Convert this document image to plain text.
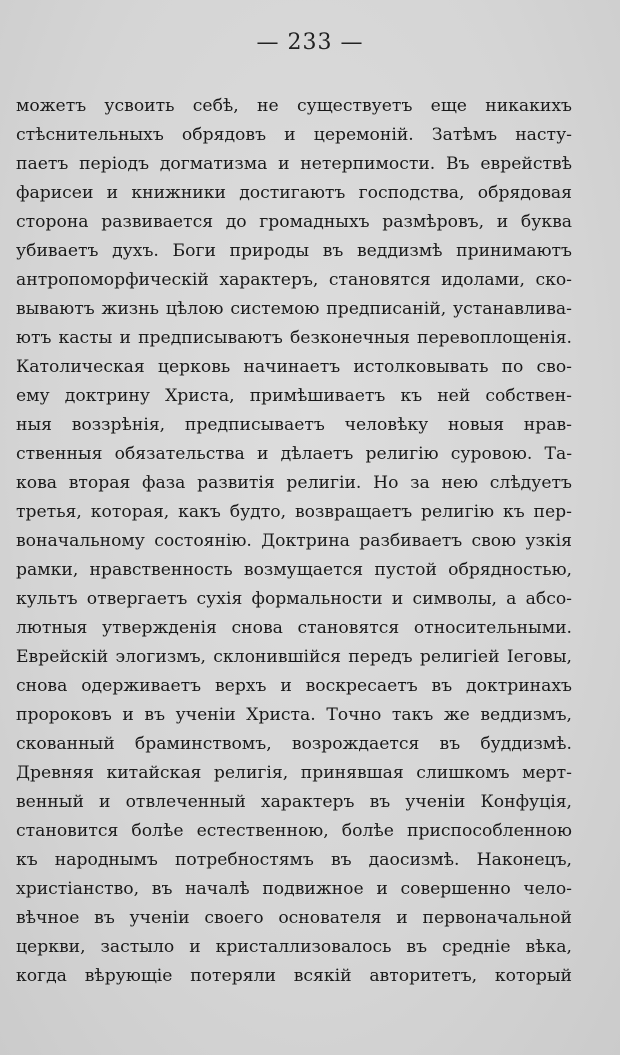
— 233 —
можетъ усвоить себѣ, не существуетъ еще никакихъ
стѣснительныхъ обрядовъ и церемоній. Затѣмъ насту-
паетъ періодъ догматизма и нетерпимости. Въ еврействѣ
фарисеи и книжники достигаютъ господства, обрядовая
сторона развивается до громадныхъ размѣровъ, и буква
убиваетъ духъ. Боги природы въ веддизмѣ принимаютъ
антропоморфическій характеръ, становятся идолами, ско-
вываютъ жизнь цѣлою системою предписаній, устанавлива-
ютъ касты и предписываютъ безконечныя перевоплощенія.
Католическая церковь начинаетъ истолковывать по сво-
ему доктрину Христа, примѣшиваетъ къ ней собствен-
ныя воззрѣнія, предписываетъ человѣку новыя нрав-
ственныя обязательства и дѣлаетъ религію суровою. Та-
кова вторая фаза развитія религіи. Но за нею слѣдуетъ
третья, которая, какъ будто, возвращаетъ религію къ пер-
воначальному состоянію. Доктрина разбиваетъ свою узкія
рамки, нравственность возмущается пустой обрядностью,
культъ отвергаетъ сухія формальности и символы, а абсо-
лютныя утвержденія снова становятся относительными.
Еврейскій элогизмъ, склонившійся передъ религіей Іеговы,
снова одерживаетъ верхъ и воскресаетъ въ доктринахъ
пророковъ и въ ученіи Христа. Точно такъ же веддизмъ,
скованный браминствомъ, возрождается въ буддизмѣ.
Древняя китайская религія, принявшая слишкомъ мерт-
венный и отвлеченный характеръ въ ученіи Конфуція,
становится болѣе естественною, болѣе приспособленною
къ народнымъ потребностямъ въ даосизмѣ. Наконецъ,
христіанство, въ началѣ подвижное и совершенно чело-
вѣчное въ ученіи своего основателя и первоначальной
церкви, застыло и кристаллизовалось въ средніе вѣка,
когда вѣрующіе потеряли всякій авторитетъ, который
